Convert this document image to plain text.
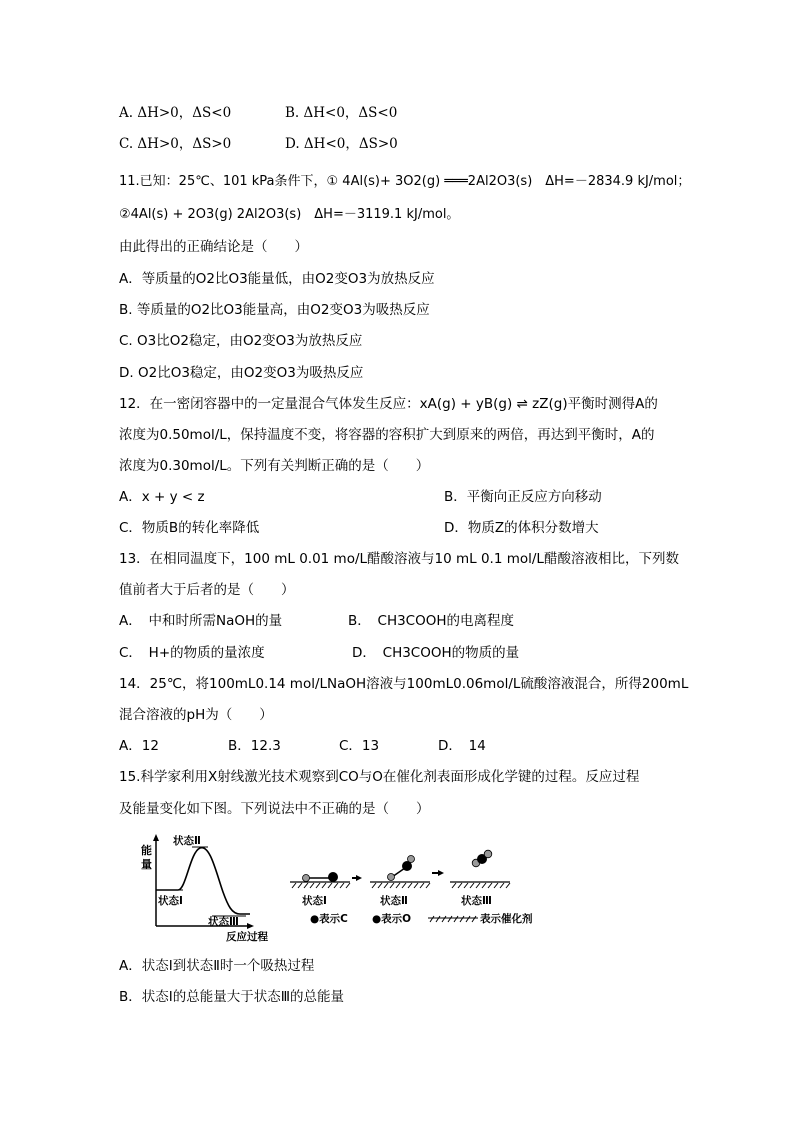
A. ΔH>0，ΔS<0	B. ΔH<0，ΔS<0
C. ΔH>0，ΔS>0	D. ΔH<0，ΔS>0
11.已知：25℃、101 kPa条件下，① 4Al(s)+ 3O2(g) ═══2Al2O3(s)　ΔH=－2834.9 kJ/mol；
②4Al(s) + 2O3(g) 2Al2O3(s)　ΔH=－3119.1 kJ/mol。
由此得出的正确结论是（　　）
A．等质量的O2比O3能量低，由O2变O3为放热反应
B. 等质量的O2比O3能量高，由O2变O3为吸热反应
C. O3比O2稳定，由O2变O3为放热反应
D. O2比O3稳定，由O2变O3为吸热反应
12．在一密闭容器中的一定量混合气体发生反应：xA(g) + yB(g) ⇌ zZ(g)平衡时测得A的
浓度为0.50mol/L，保持温度不变，将容器的容积扩大到原来的两倍，再达到平衡时，A的
浓度为0.30mol/L。下列有关判断正确的是（　　）
A．x + y < z	B．平衡向正反应方向移动
C．物质B的转化率降低	D．物质Z的体积分数增大
13．在相同温度下，100 mL 0.01 mo/L醋酸溶液与10 mL 0.1 mol/L醋酸溶液相比，下列数
值前者大于后者的是（　　）
A．　中和时所需NaOH的量	B．　CH3COOH的电离程度
C．　H+的物质的量浓度	D．　CH3COOH的物质的量
14．25℃，将100mL0.14 mol/LNaOH溶液与100mL0.06mol/L硫酸溶液混合，所得200mL
混合溶液的pH为（　　）
A．12	B．12.3	C．13	D．　14
15.科学家利用X射线激光技术观察到CO与O在催化剂表面形成化学键的过程。反应过程
及能量变化如下图。下列说法中不正确的是（　　）
能
量
状态Ⅱ
状态Ⅰ
状态Ⅲ
反应过程
状态Ⅰ	状态Ⅱ	状态Ⅲ
●表示C ●表示O	表示催化剂
A．状态Ⅰ到状态Ⅱ时一个吸热过程
B．状态Ⅰ的总能量大于状态Ⅲ的总能量
